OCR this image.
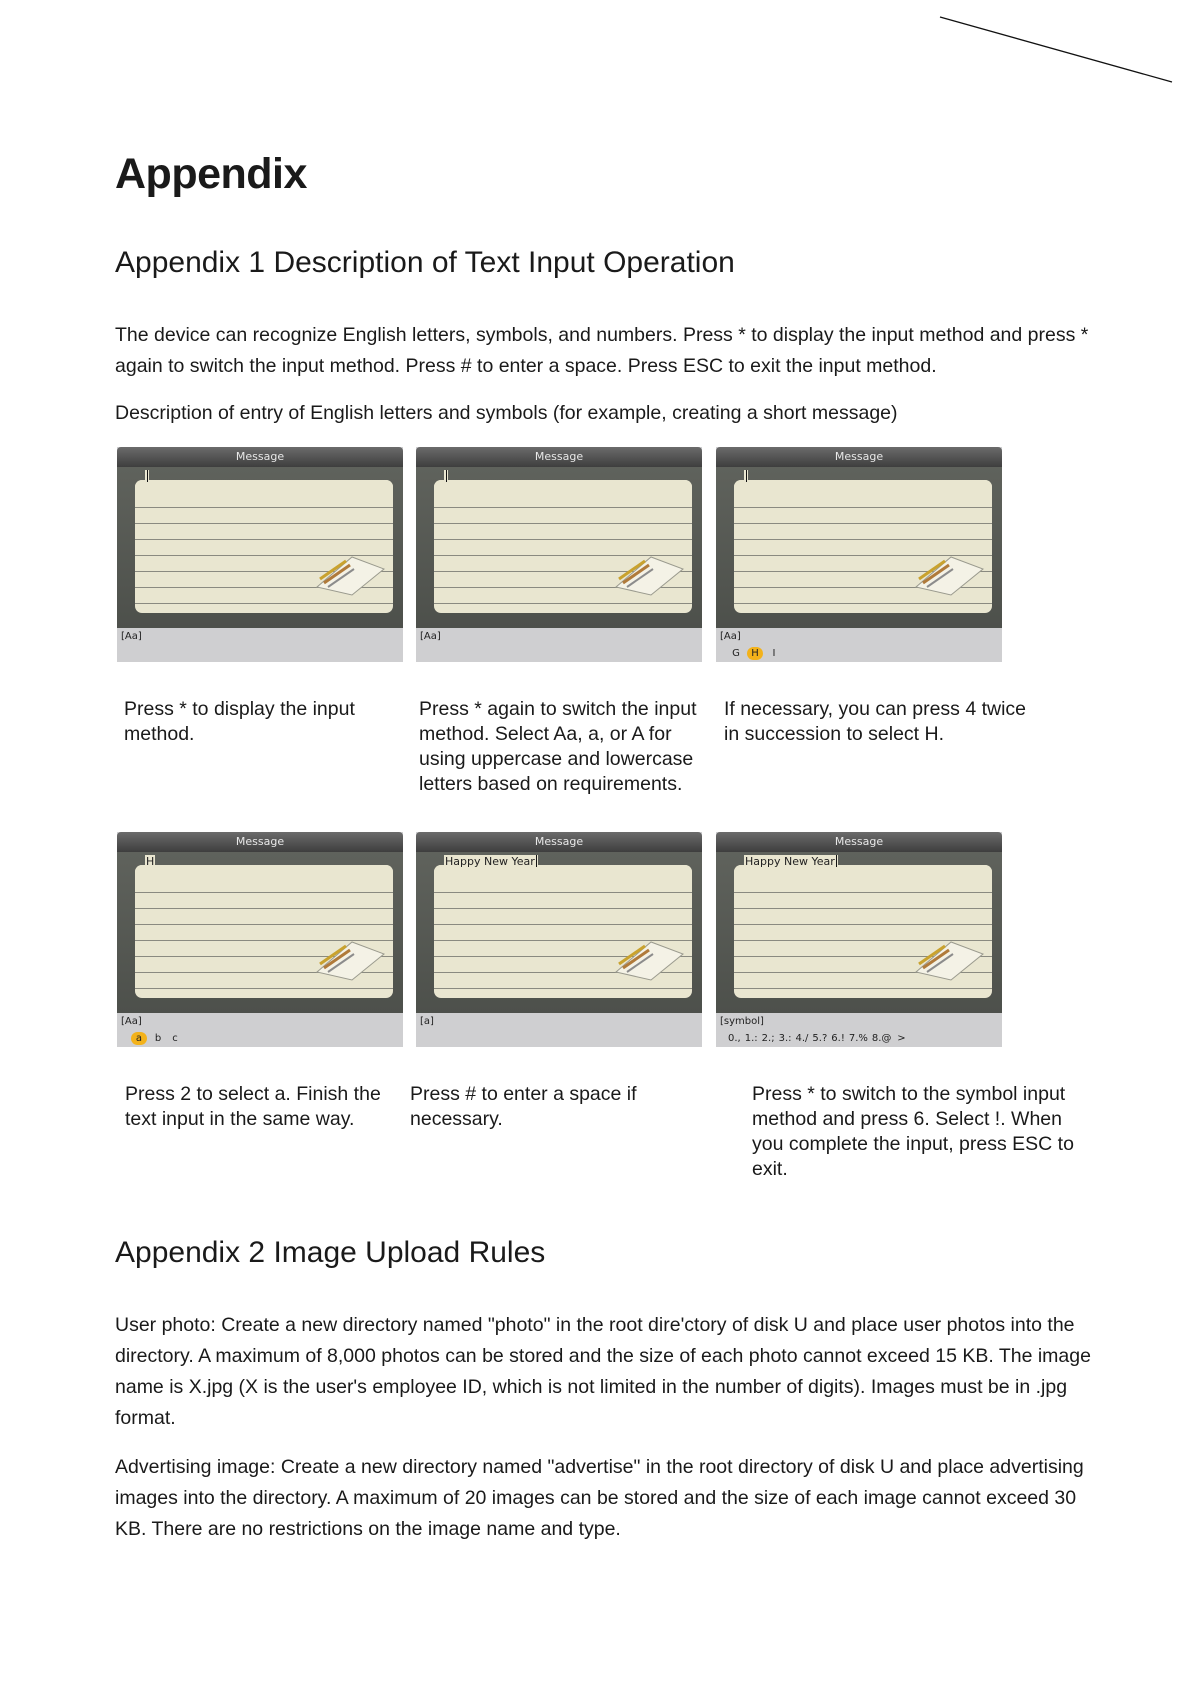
Appendix
Appendix 1 Description of Text Input Operation

The device can recognize English letters, symbols, and numbers. Press * to display the input method and press * again to switch the input method. Press # to enter a space. Press ESC to exit the input method.

Description of entry of English letters and symbols (for example, creating a short message)

Message
[Aa]
Message
[Aa]
Message
[Aa]
G	H	I

Press * to display the input method.

Press * again to switch the input method. Select Aa, a, or A for using uppercase and lowercase letters based on requirements.

If necessary, you can press 4 twice in succession to select H.

Message
H
[Aa]
a	b	c
Message
Happy New Year
[a]
Message
Happy New Year
[symbol]
0., 1.: 2.; 3.: 4./ 5.? 6.! 7.% 8.@ >

Press 2 to select a. Finish the text input in the same way.

Press # to enter a space if necessary.

Press * to switch to the symbol input method and press 6. Select !. When you complete the input, press ESC to exit.

Appendix 2 Image Upload Rules

User photo: Create a new directory named "photo" in the root dire'ctory of disk U and place user photos into the directory. A maximum of 8,000 photos can be stored and the size of each photo cannot exceed 15 KB. The image name is X.jpg (X is the user's employee ID, which is not limited in the number of digits). Images must be in .jpg format.

Advertising image: Create a new directory named "advertise" in the root directory of disk U and place advertising images into the directory. A maximum of 20 images can be stored and the size of each image cannot exceed 30 KB. There are no restrictions on the image name and type.
